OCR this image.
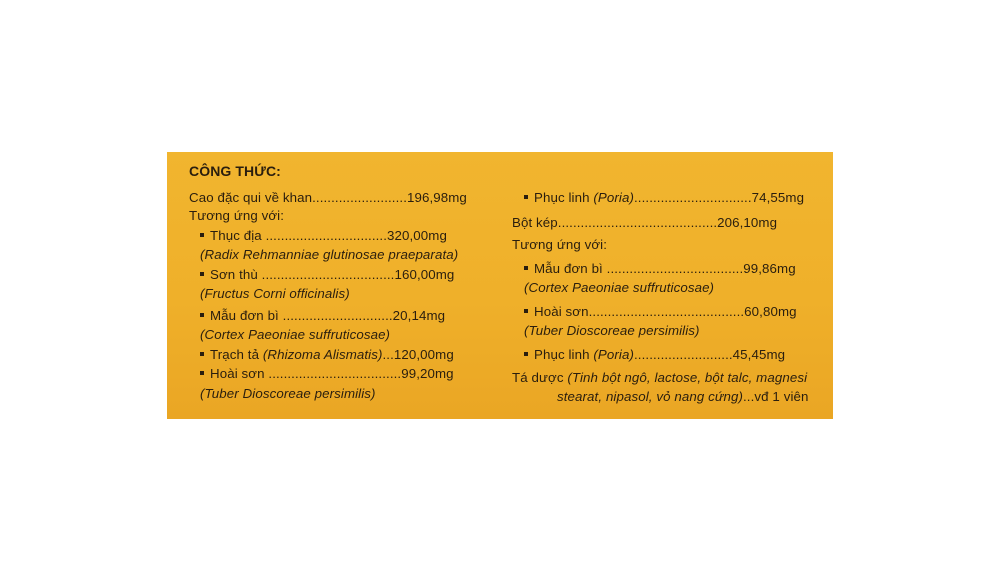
CÔNG THỨC:
Cao đặc qui về khan.........................196,98mg
Tương ứng với:
Thục địa ................................320,00mg
(Radix Rehmanniae glutinosae praeparata)
Sơn thù ...................................160,00mg
(Fructus Corni officinalis)
Mẫu đơn bì .............................20,14mg
(Cortex Paeoniae suffruticosae)
Trạch tả (Rhizoma Alismatis)...120,00mg
Hoài sơn ...................................99,20mg
(Tuber Dioscoreae persimilis)
Phục linh (Poria)...............................74,55mg
Bột kép..........................................206,10mg
Tương ứng với:
Mẫu đơn bì ....................................99,86mg
(Cortex Paeoniae suffruticosae)
Hoài sơn.........................................60,80mg
(Tuber Dioscoreae persimilis)
Phục linh (Poria)..........................45,45mg
Tá dược (Tinh bột ngô, lactose, bột talc, magnesi
stearat, nipasol, vỏ nang cứng)...vđ 1 viên
